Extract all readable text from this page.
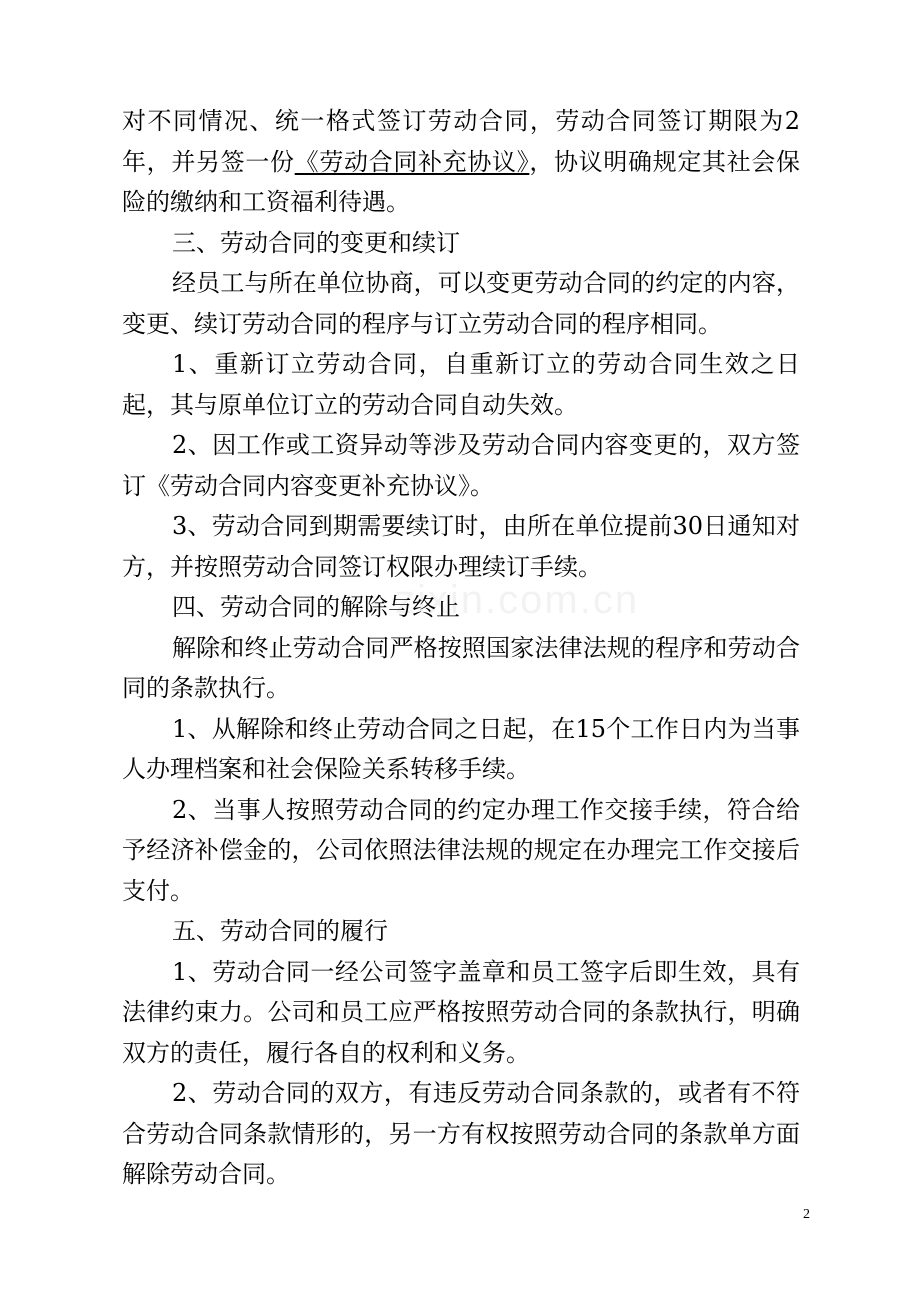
zixin.com.cn

对不同情况、统一格式签订劳动合同，劳动合同签订期限为2年，并另签一份《劳动合同补充协议》，协议明确规定其社会保险的缴纳和工资福利待遇。

三、劳动合同的变更和续订

经员工与所在单位协商，可以变更劳动合同的约定的内容，变更、续订劳动合同的程序与订立劳动合同的程序相同。

1、重新订立劳动合同，自重新订立的劳动合同生效之日起，其与原单位订立的劳动合同自动失效。

2、因工作或工资异动等涉及劳动合同内容变更的，双方签订《劳动合同内容变更补充协议》。

3、劳动合同到期需要续订时，由所在单位提前30日通知对方，并按照劳动合同签订权限办理续订手续。

四、劳动合同的解除与终止

解除和终止劳动合同严格按照国家法律法规的程序和劳动合同的条款执行。

1、从解除和终止劳动合同之日起，在15个工作日内为当事人办理档案和社会保险关系转移手续。

2、当事人按照劳动合同的约定办理工作交接手续，符合给予经济补偿金的，公司依照法律法规的规定在办理完工作交接后支付。

五、劳动合同的履行

1、劳动合同一经公司签字盖章和员工签字后即生效，具有法律约束力。公司和员工应严格按照劳动合同的条款执行，明确双方的责任，履行各自的权利和义务。

2、劳动合同的双方，有违反劳动合同条款的，或者有不符合劳动合同条款情形的，另一方有权按照劳动合同的条款单方面解除劳动合同。

2
